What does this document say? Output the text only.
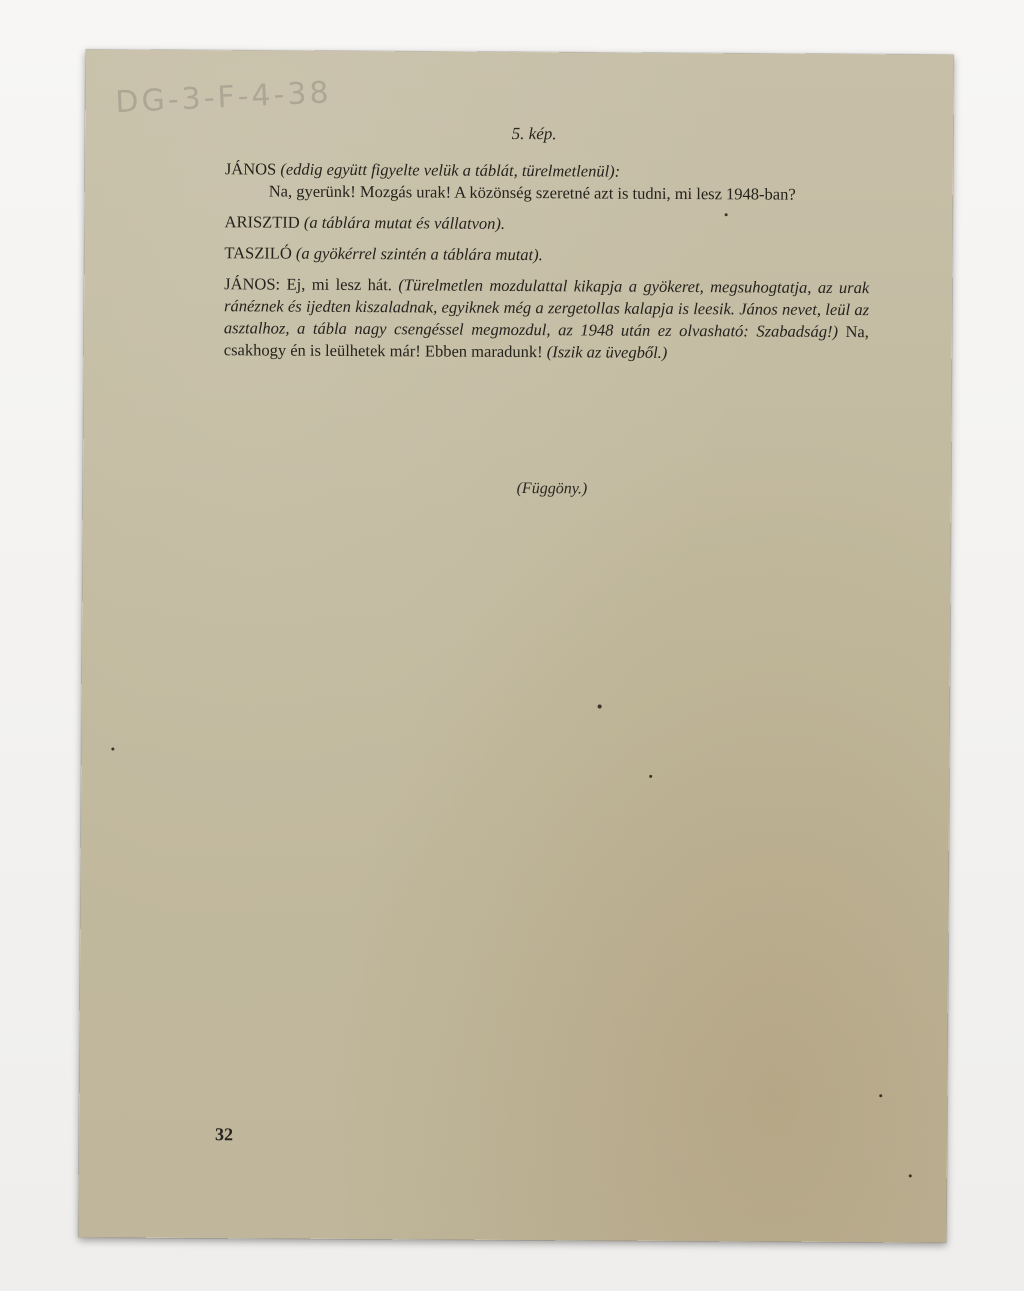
DG-3-F-4-38
5. kép.

JÁNOS (eddig együtt figyelte velük a táblát, türelmetlenül):
Na, gyerünk! Mozgás urak! A közönség szeretné azt is tudni, mi lesz 1948-ban?

ARISZTID (a táblára mutat és vállatvon).

TASZILÓ (a gyökérrel szintén a táblára mutat).

JÁNOS: Ej, mi lesz hát. (Türelmetlen mozdulattal kikapja a gyökeret, megsuhogtatja, az urak ránéznek és ijedten kiszaladnak, egyiknek még a zergetollas kalapja is leesik. János nevet, leül az asztalhoz, a tábla nagy csengéssel megmozdul, az 1948 után ez olvasható: Szabadság!) Na, csakhogy én is leülhetek már! Ebben maradunk! (Iszik az üvegből.)

(Függöny.)
32
